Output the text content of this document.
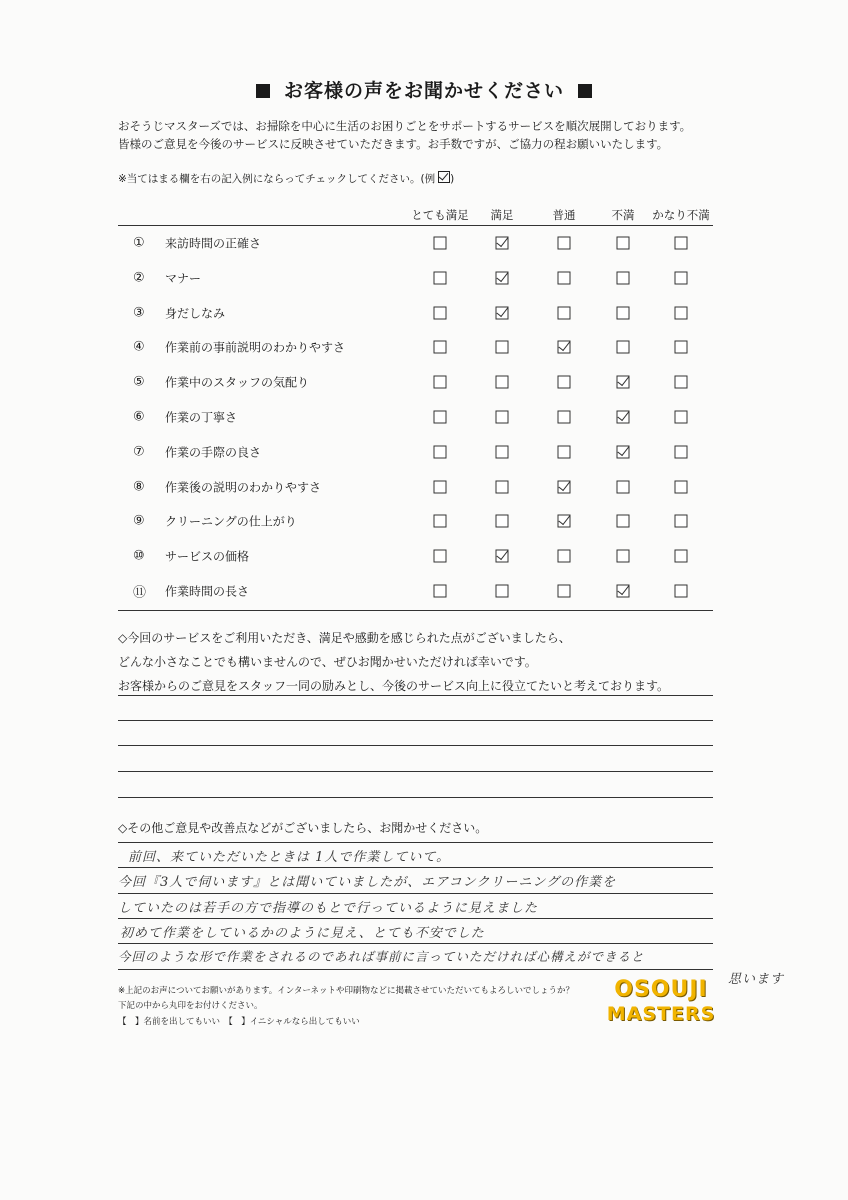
お客様の声をお聞かせください
おそうじマスターズでは、お掃除を中心に生活のお困りごとをサポートするサービスを順次展開しております。
皆様のご意見を今後のサービスに反映させていただきます。お手数ですが、ご協力の程お願いいたします。
※当てはまる欄を右の記入例にならってチェックしてください。(例 )
とても満足 満足	普通	不満 かなり不満
① 来訪時間の正確さ
② マナー
③ 身だしなみ
④ 作業前の事前説明のわかりやすさ
⑤ 作業中のスタッフの気配り
⑥ 作業の丁寧さ
⑦ 作業の手際の良さ
⑧ 作業後の説明のわかりやすさ
⑨ クリーニングの仕上がり
⑩ サービスの価格
⑪ 作業時間の長さ
◇今回のサービスをご利用いただき、満足や感動を感じられた点がございましたら、
どんな小さなことでも構いませんので、ぜひお聞かせいただければ幸いです。
お客様からのご意見をスタッフ一同の励みとし、今後のサービス向上に役立てたいと考えております。
◇その他ご意見や改善点などがございましたら、お聞かせください。
前回、来ていただいたときは 1人で作業していて。
今回『3人で伺います』とは聞いていましたが、エアコンクリーニングの作業を
していたのは若手の方で指導のもとで行っているように見えました
初めて作業をしているかのように見え、とても不安でした
今回のような形で作業をされるのであれば事前に言っていただければ心構えができると
思います
※上記のお声についてお願いがあります。インターネットや印刷物などに掲載させていただいてもよろしいでしょうか？
下記の中から丸印をお付けください。
【　】名前を出してもいい　【　】イニシャルなら出してもいい
OSOUJI
MASTERS
